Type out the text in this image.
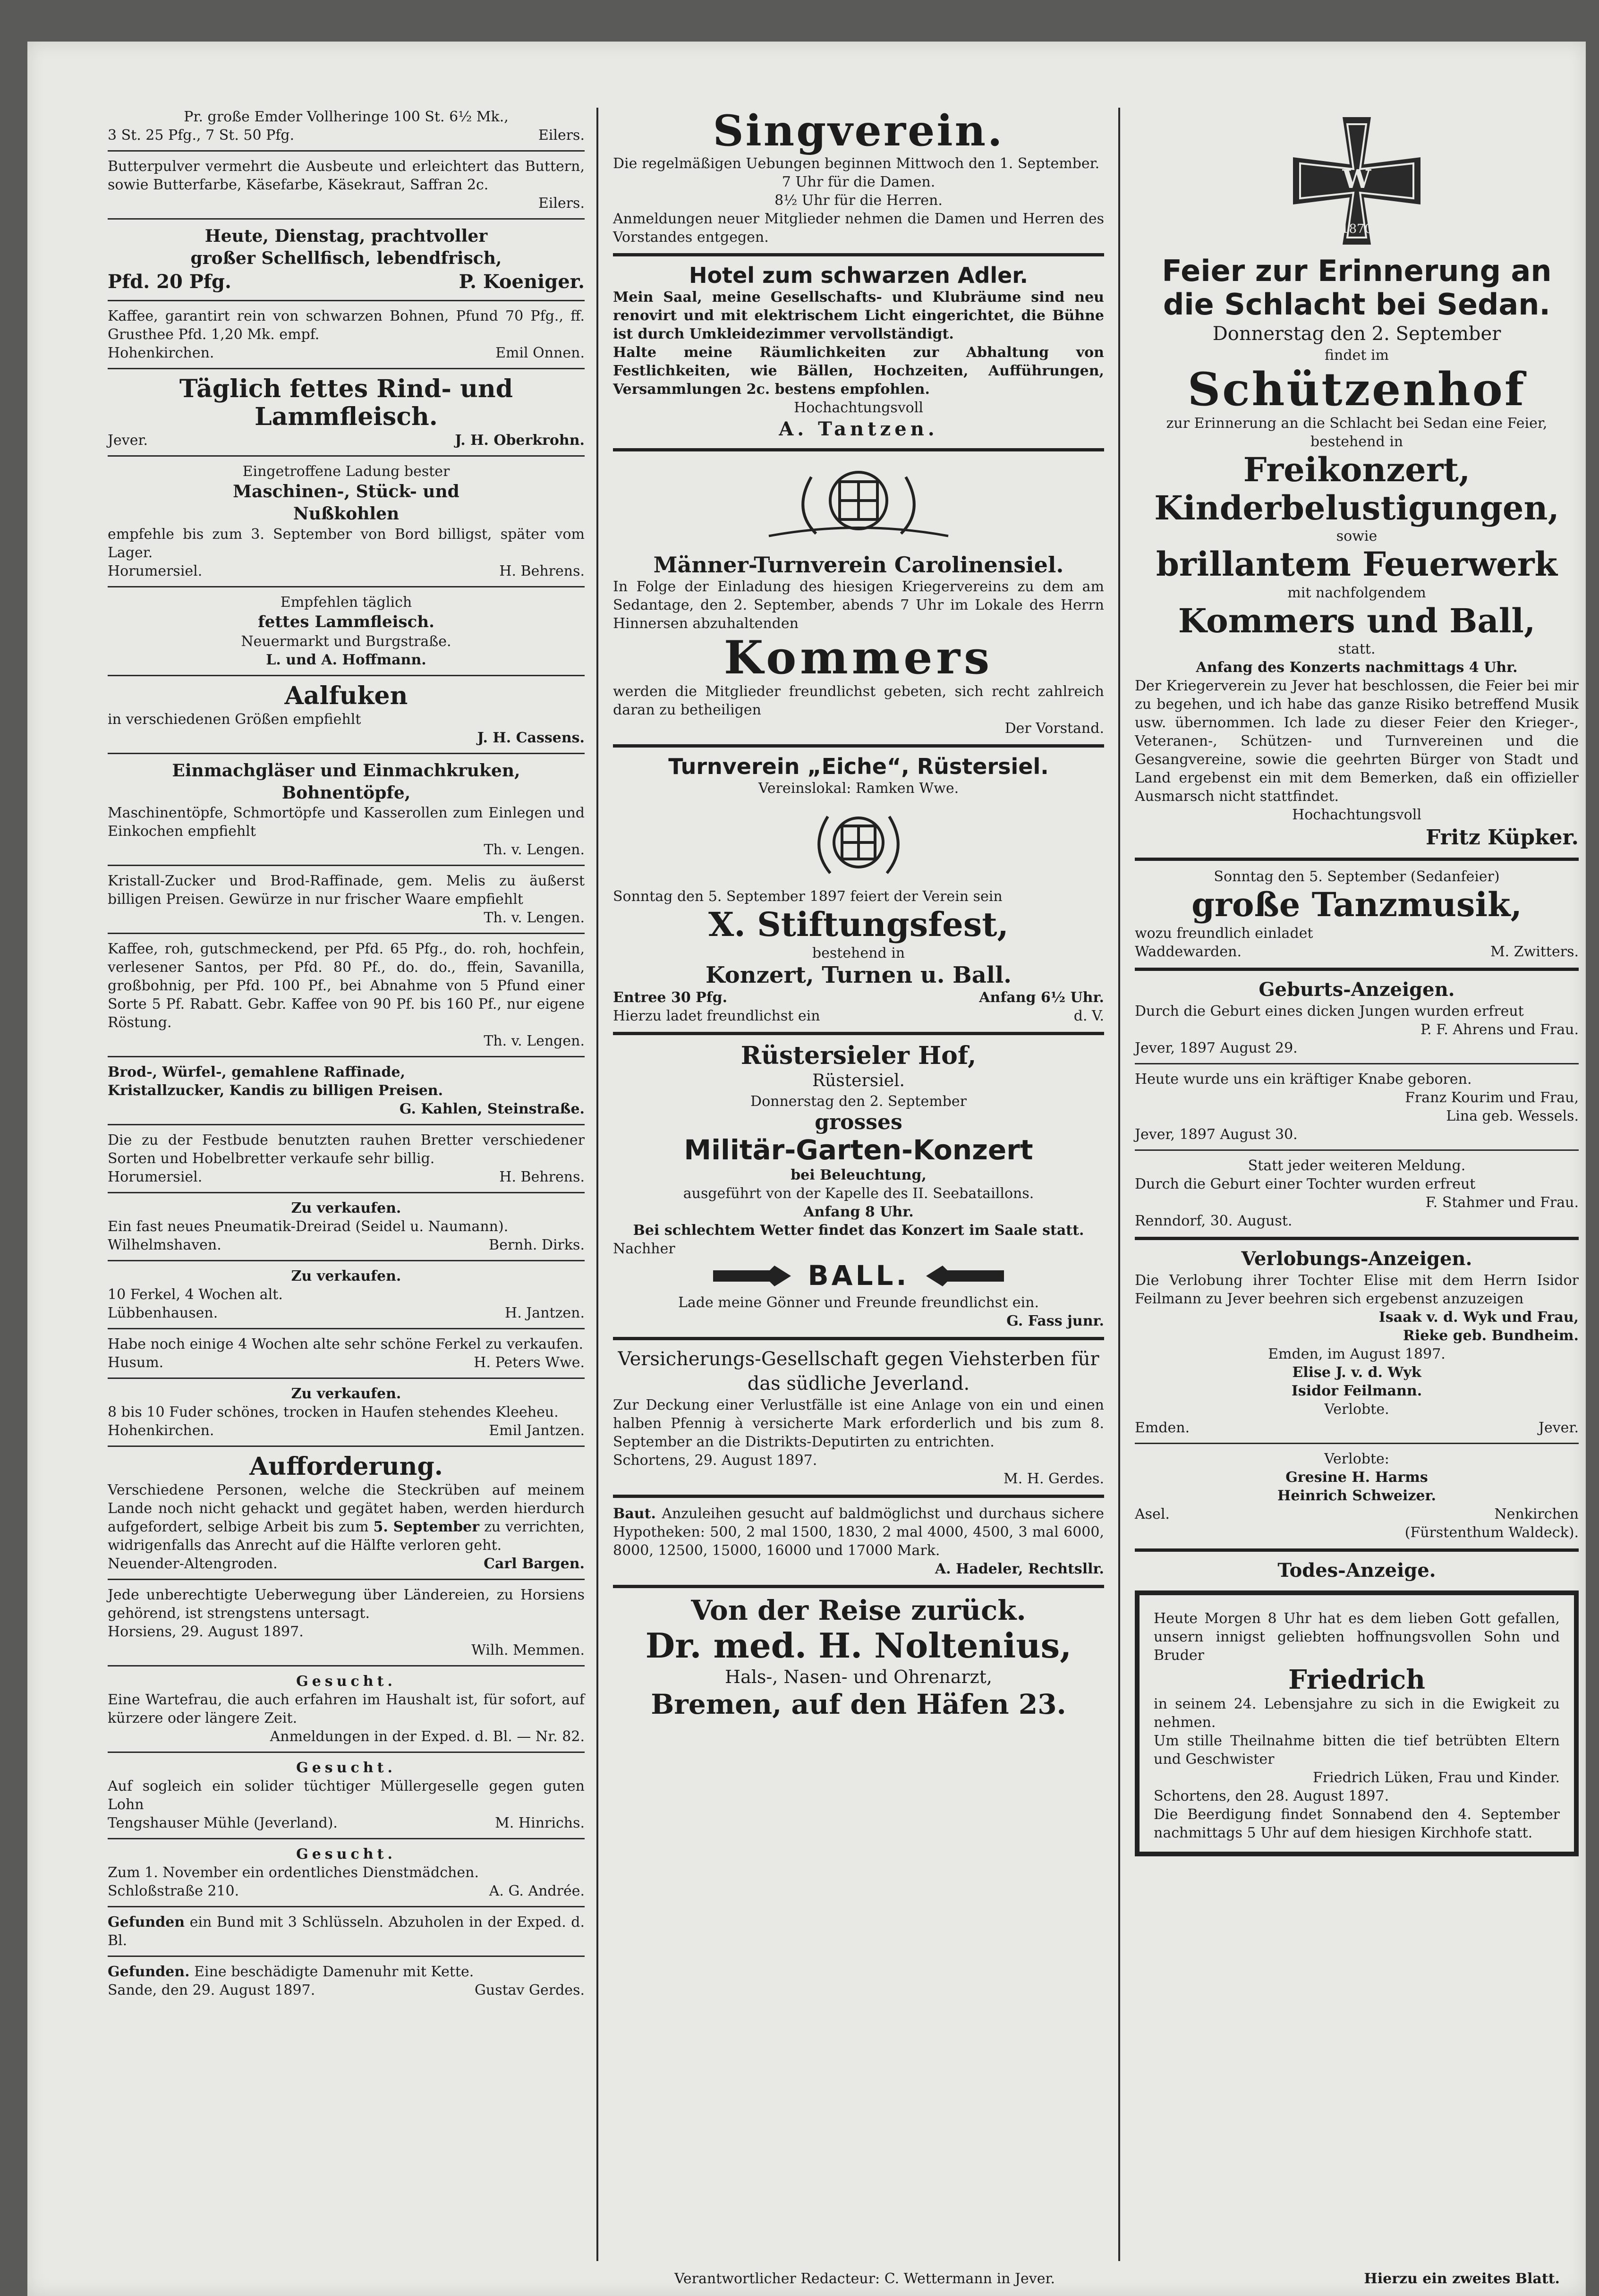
Pr. große Emder Vollheringe 100 St. 6½ Mk.,

3 St. 25 Pfg., 7 St. 50 Pfg.	Eilers.

Butterpulver vermehrt die Ausbeute und erleichtert das Buttern, sowie Butterfarbe, Käsefarbe, Käsekraut, Saffran 2c.

Eilers.

Heute, Dienstag, prachtvoller

großer Schellfisch, lebendfrisch,

Pfd. 20 Pfg.	P. Koeniger.

Kaffee, garantirt rein von schwarzen Bohnen, Pfund 70 Pfg., ff. Grusthee Pfd. 1,20 Mk. empf.

Hohenkirchen.	Emil Onnen.

Täglich fettes Rind- und

Lammfleisch.

Jever.	J. H. Oberkrohn.

Eingetroffene Ladung bester

Maschinen-, Stück- und

Nußkohlen

empfehle bis zum 3. September von Bord billigst, später vom Lager.

Horumersiel.	H. Behrens.

Empfehlen täglich

fettes Lammfleisch.

Neuermarkt und Burgstraße.

L. und A. Hoffmann.

Aalfuken

in verschiedenen Größen empfiehlt

J. H. Cassens.

Einmachgläser und Einmachkruken,

Bohnentöpfe,

Maschinentöpfe, Schmortöpfe und Kasserollen zum Einlegen und Einkochen empfiehlt

Th. v. Lengen.

Kristall-Zucker und Brod-Raffinade, gem. Melis zu äußerst billigen Preisen. Gewürze in nur frischer Waare empfiehlt

Th. v. Lengen.

Kaffee, roh, gutschmeckend, per Pfd. 65 Pfg., do. roh, hochfein, verlesener Santos, per Pfd. 80 Pf., do. do., ffein, Savanilla, großbohnig, per Pfd. 100 Pf., bei Abnahme von 5 Pfund einer Sorte 5 Pf. Rabatt. Gebr. Kaffee von 90 Pf. bis 160 Pf., nur eigene Röstung.

Th. v. Lengen.

Brod-, Würfel-, gemahlene Raffinade,

Kristallzucker, Kandis zu billigen Preisen.

G. Kahlen, Steinstraße.

Die zu der Festbude benutzten rauhen Bretter verschiedener Sorten und Hobelbretter verkaufe sehr billig.

Horumersiel.	H. Behrens.

Zu verkaufen.

Ein fast neues Pneumatik-Dreirad (Seidel u. Naumann).

Wilhelmshaven.	Bernh. Dirks.

Zu verkaufen.

10 Ferkel, 4 Wochen alt.

Lübbenhausen.	H. Jantzen.

Habe noch einige 4 Wochen alte sehr schöne Ferkel zu verkaufen.

Husum.	H. Peters Wwe.

Zu verkaufen.

8 bis 10 Fuder schönes, trocken in Haufen stehendes Kleeheu.

Hohenkirchen.	Emil Jantzen.

Aufforderung.

Verschiedene Personen, welche die Steckrüben auf meinem Lande noch nicht gehackt und gegätet haben, werden hierdurch aufgefordert, selbige Arbeit bis zum 5. September zu verrichten, widrigenfalls das Anrecht auf die Hälfte verloren geht.

Neuender-Altengroden.	Carl Bargen.

Jede unberechtigte Ueberwegung über Ländereien, zu Horsiens gehörend, ist strengstens untersagt.

Horsiens, 29. August 1897.

Wilh. Memmen.

Gesucht.

Eine Wartefrau, die auch erfahren im Haushalt ist, für sofort, auf kürzere oder längere Zeit.

Anmeldungen in der Exped. d. Bl. — Nr. 82.

Gesucht.

Auf sogleich ein solider tüchtiger Müllergeselle gegen guten Lohn

Tengshauser Mühle (Jeverland).	M. Hinrichs.

Gesucht.

Zum 1. November ein ordentliches Dienstmädchen.

Schloßstraße 210.	A. G. Andrée.

Gefunden ein Bund mit 3 Schlüsseln. Abzuholen in der Exped. d. Bl.

Gefunden. Eine beschädigte Damenuhr mit Kette.

Sande, den 29. August 1897.	Gustav Gerdes.

Singverein.

Die regelmäßigen Uebungen beginnen Mittwoch den 1. September.

7 Uhr für die Damen.

8½ Uhr für die Herren.

Anmeldungen neuer Mitglieder nehmen die Damen und Herren des Vorstandes entgegen.

Hotel zum schwarzen Adler.

Mein Saal, meine Gesellschafts- und Klubräume sind neu renovirt und mit elektrischem Licht eingerichtet, die Bühne ist durch Umkleidezimmer vervollständigt.

Halte meine Räumlichkeiten zur Abhaltung von Festlichkeiten, wie Bällen, Hochzeiten, Aufführungen, Versammlungen 2c. bestens empfohlen.

Hochachtungsvoll

A. Tantzen.

Männer-Turnverein Carolinensiel.

In Folge der Einladung des hiesigen Kriegervereins zu dem am Sedantage, den 2. September, abends 7 Uhr im Lokale des Herrn Hinnersen abzuhaltenden

Kommers

werden die Mitglieder freundlichst gebeten, sich recht zahlreich daran zu betheiligen

Der Vorstand.

Turnverein „Eiche“, Rüstersiel.

Vereinslokal: Ramken Wwe.

Sonntag den 5. September 1897 feiert der Verein sein

X. Stiftungsfest,

bestehend in

Konzert, Turnen u. Ball.

Entree 30 Pfg.	Anfang 6½ Uhr.
Hierzu ladet freundlichst ein	d. V.

Rüstersieler Hof,

Rüstersiel.

Donnerstag den 2. September

grosses

Militär-Garten-Konzert

bei Beleuchtung,

ausgeführt von der Kapelle des II. Seebataillons.

Anfang 8 Uhr.

Bei schlechtem Wetter findet das Konzert im Saale statt.

Nachher

BALL.

Lade meine Gönner und Freunde freundlichst ein.

G. Fass junr.

Versicherungs-Gesellschaft gegen Viehsterben für das südliche Jeverland.

Zur Deckung einer Verlustfälle ist eine Anlage von ein und einen halben Pfennig à versicherte Mark erforderlich und bis zum 8. September an die Distrikts-Deputirten zu entrichten.

Schortens, 29. August 1897.

M. H. Gerdes.

Baut. Anzuleihen gesucht auf baldmöglichst und durchaus sichere Hypotheken: 500, 2 mal 1500, 1830, 2 mal 4000, 4500, 3 mal 6000, 8000, 12500, 15000, 16000 und 17000 Mark.

A. Hadeler, Rechtsllr.

Von der Reise zurück.

Dr. med. H. Noltenius,

Hals-, Nasen- und Ohrenarzt,

Bremen, auf den Häfen 23.

W
1870

Feier zur Erinnerung an die Schlacht bei Sedan.

Donnerstag den 2. September

findet im

Schützenhof

zur Erinnerung an die Schlacht bei Sedan eine Feier, bestehend in

Freikonzert,

Kinderbelustigungen,

sowie

brillantem Feuerwerk

mit nachfolgendem

Kommers und Ball,

statt.

Anfang des Konzerts nachmittags 4 Uhr.

Der Kriegerverein zu Jever hat beschlossen, die Feier bei mir zu begehen, und ich habe das ganze Risiko betreffend Musik usw. übernommen. Ich lade zu dieser Feier den Krieger-, Veteranen-, Schützen- und Turnvereinen und die Gesangvereine, sowie die geehrten Bürger von Stadt und Land ergebenst ein mit dem Bemerken, daß ein offizieller Ausmarsch nicht stattfindet.

Hochachtungsvoll

Fritz Küpker.

Sonntag den 5. September (Sedanfeier)

große Tanzmusik,

wozu freundlich einladet

Waddewarden.	M. Zwitters.

Geburts-Anzeigen.

Durch die Geburt eines dicken Jungen wurden erfreut

P. F. Ahrens und Frau.

Jever, 1897 August 29.

Heute wurde uns ein kräftiger Knabe geboren.

Franz Kourim und Frau,

Lina geb. Wessels.

Jever, 1897 August 30.

Statt jeder weiteren Meldung.

Durch die Geburt einer Tochter wurden erfreut

F. Stahmer und Frau.

Renndorf, 30. August.

Verlobungs-Anzeigen.

Die Verlobung ihrer Tochter Elise mit dem Herrn Isidor Feilmann zu Jever beehren sich ergebenst anzuzeigen

Isaak v. d. Wyk und Frau,

Rieke geb. Bundheim.

Emden, im August 1897.

Elise J. v. d. Wyk

Isidor Feilmann.

Verlobte.

Emden.	Jever.

Verlobte:

Gresine H. Harms

Heinrich Schweizer.

Asel.	Nenkirchen

(Fürstenthum Waldeck).

Todes-Anzeige.

Heute Morgen 8 Uhr hat es dem lieben Gott gefallen, unsern innigst geliebten hoffnungsvollen Sohn und Bruder

Friedrich

in seinem 24. Lebensjahre zu sich in die Ewigkeit zu nehmen.

Um stille Theilnahme bitten die tief betrübten Eltern und Geschwister

Friedrich Lüken, Frau und Kinder.

Schortens, den 28. August 1897.

Die Beerdigung findet Sonnabend den 4. September nachmittags 5 Uhr auf dem hiesigen Kirchhofe statt.

Verantwortlicher Redacteur: C. Wettermann in Jever.	Hierzu ein zweites Blatt.
